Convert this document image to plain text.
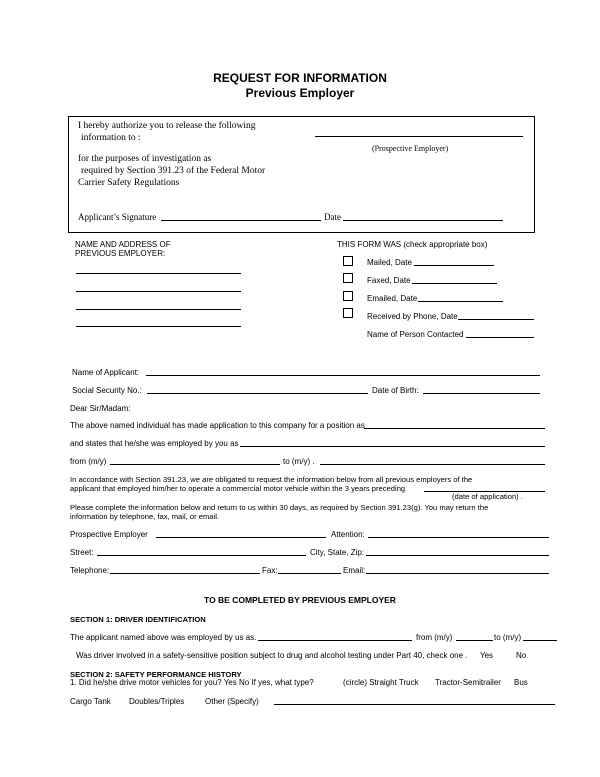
REQUEST FOR INFORMATION
Previous Employer
I hereby authorize you to release the following
information to :
(Prospective Employer)
for the purposes of investigation as
required by Section 391.23 of the Federal Motor
Carrier Safety Regulations
Applicant’s Signature	Date
NAME AND ADDRESS OF
PREVIOUS EMPLOYER:
THIS FORM WAS (check appropriate box)
Mailed, Date
Faxed, Date
Emailed, Date
Received by Phone, Date
Name of Person Contacted
Name of Applicant:
Social Security No.:	Date of Birth:
Dear Sir/Madam:
The above named individual has made application to this company for a position as
and states that he/she was employed by you as
from (m/y)	to (m/y) .
In accordance with Section 391.23, we are obligated to request the information below from all previous employers of the
applicant that employed him/her to operate a commercial motor vehicle within the 3 years preceding
(date of application) .
Please complete the information below and return to us within 30 days, as required by Section 391.23(g). You may return the
information by telephone, fax, mail, or email.
Prospective Employer	Attention:
Street:	City, State, Zip:
Telephone:	Fax:	Email:
TO BE COMPLETED BY PREVIOUS EMPLOYER
SECTION 1: DRIVER IDENTIFICATION
The applicant named above was employed by us as.	from (m/y)	to (m/y)
Was driver involved in a safety-sensitive position subject to drug and alcohol testing under Part 40, check one . Yes	No
SECTION 2: SAFETY PERFORMANCE HISTORY
1. Did he/she drive motor vehicles for you? Yes No If yes, what type?	(circle) Straight Truck Tractor-Semitrailer Bus
Cargo Tank Doubles/Triples	Other (Specify)
